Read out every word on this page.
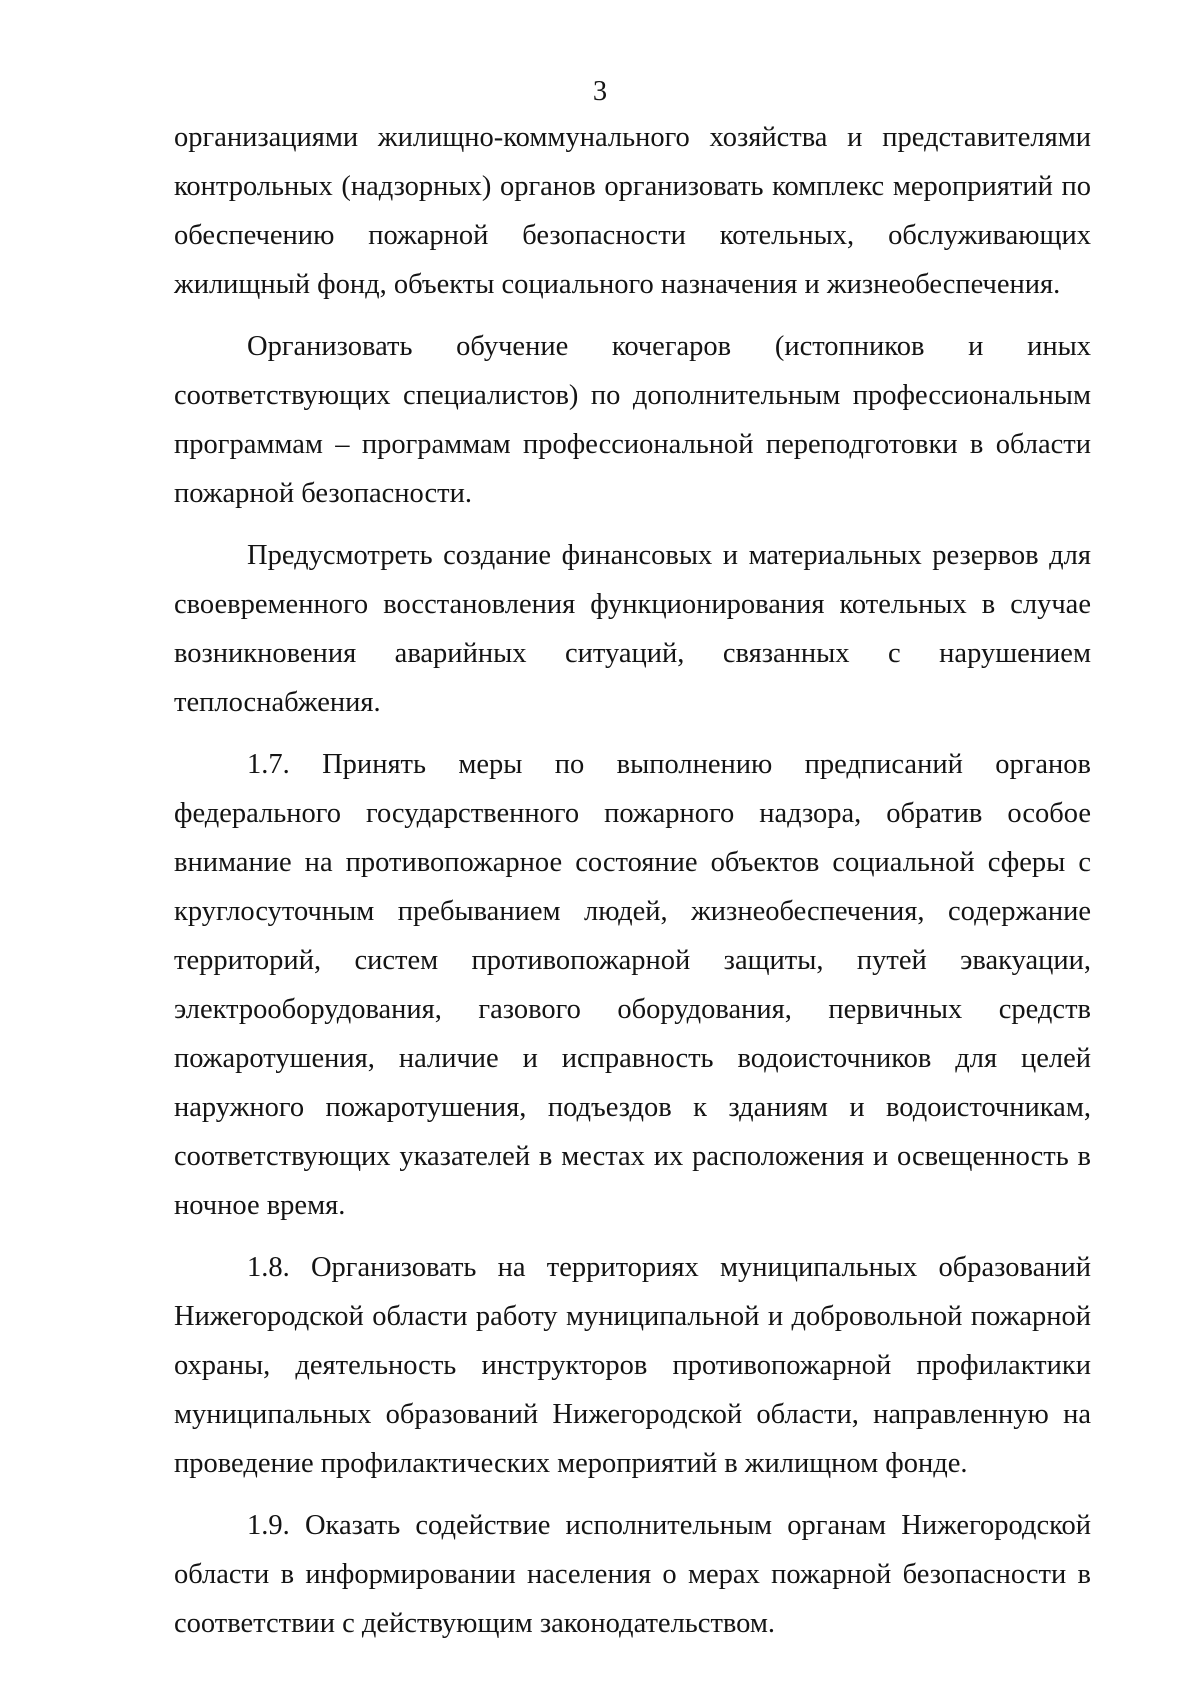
3

организациями жилищно-коммунального хозяйства и представителями контрольных (надзорных) органов организовать комплекс мероприятий по обеспечению пожарной безопасности котельных, обслуживающих жилищный фонд, объекты социального назначения и жизнеобеспечения.

Организовать обучение кочегаров (истопников и иных соответствующих специалистов) по дополнительным профессиональным программам – программам профессиональной переподготовки в области пожарной безопасности.

Предусмотреть создание финансовых и материальных резервов для своевременного восстановления функционирования котельных в случае возникновения аварийных ситуаций, связанных с нарушением теплоснабжения.

1.7. Принять меры по выполнению предписаний органов федерального государственного пожарного надзора, обратив особое внимание на противопожарное состояние объектов социальной сферы с круглосуточным пребыванием людей, жизнеобеспечения, содержание территорий, систем противопожарной защиты, путей эвакуации, электрооборудования, газового оборудования, первичных средств пожаротушения, наличие и исправность водоисточников для целей наружного пожаротушения, подъездов к зданиям и водоисточникам, соответствующих указателей в местах их расположения и освещенность в ночное время.

1.8. Организовать на территориях муниципальных образований Нижегородской области работу муниципальной и добровольной пожарной охраны, деятельность инструкторов противопожарной профилактики муниципальных образований Нижегородской области, направленную на проведение профилактических мероприятий в жилищном фонде.

1.9. Оказать содействие исполнительным органам Нижегородской области в информировании населения о мерах пожарной безопасности в соответствии с действующим законодательством.
